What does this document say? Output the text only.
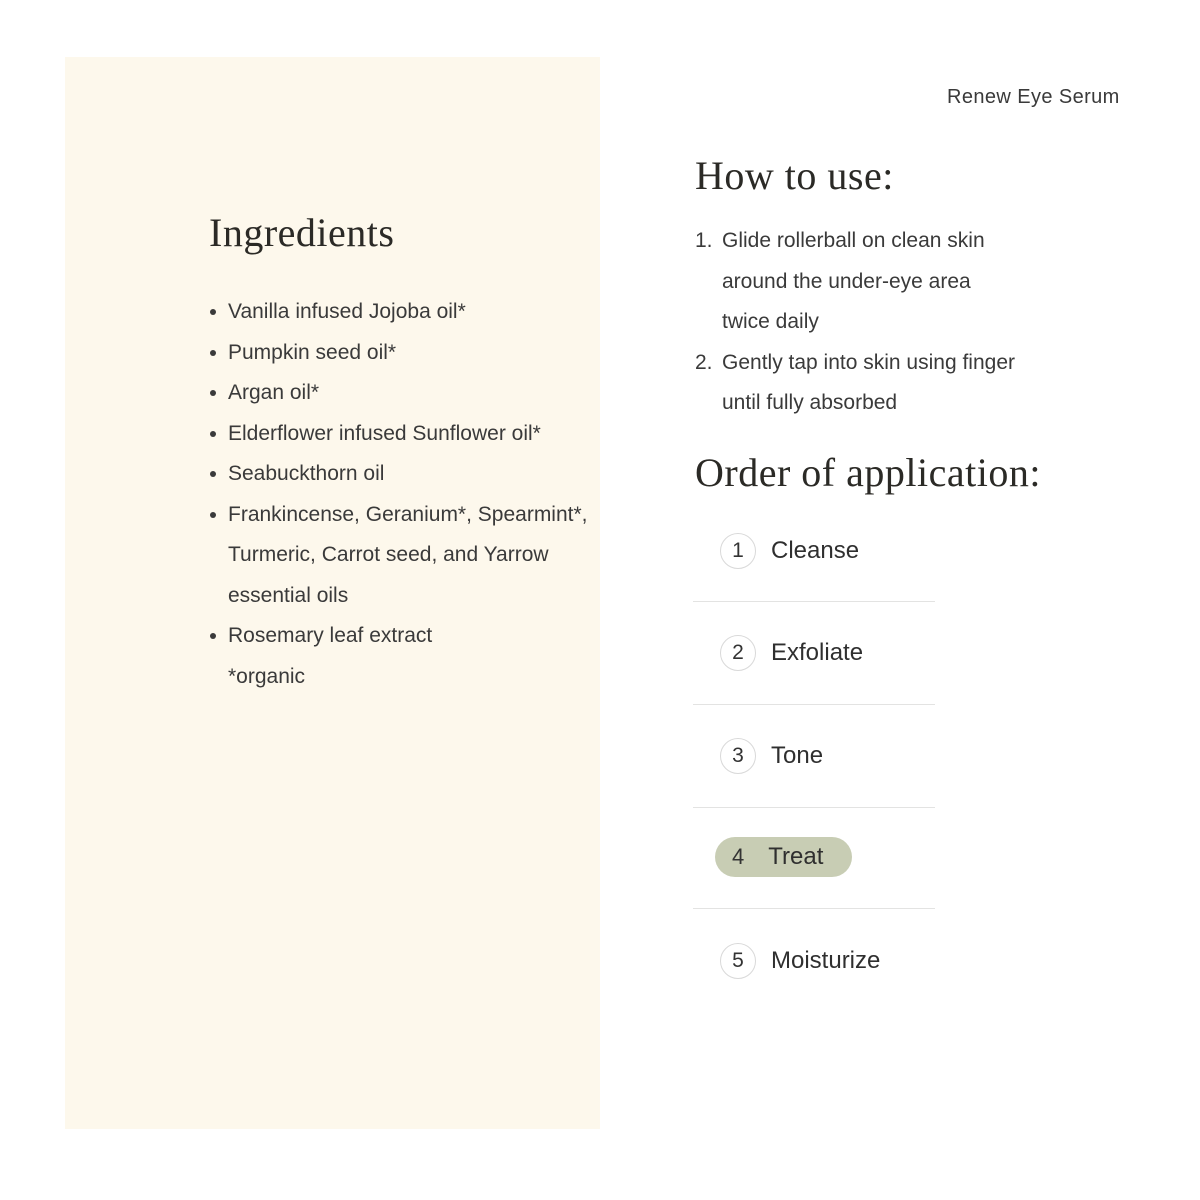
Ingredients
Vanilla infused Jojoba oil*
Pumpkin seed oil*
Argan oil*
Elderflower infused Sunflower oil*
Seabuckthorn oil
Frankincense, Geranium*, Spearmint*,
Turmeric, Carrot seed, and Yarrow
essential oils
Rosemary leaf extract
*organic
Renew Eye Serum
How to use:
1. Glide rollerball on clean skin
around the under-eye area
twice daily
2. Gently tap into skin using finger
until fully absorbed
Order of application:
1	Cleanse
2	Exfoliate
3	Tone
4 Treat
5	Moisturize
